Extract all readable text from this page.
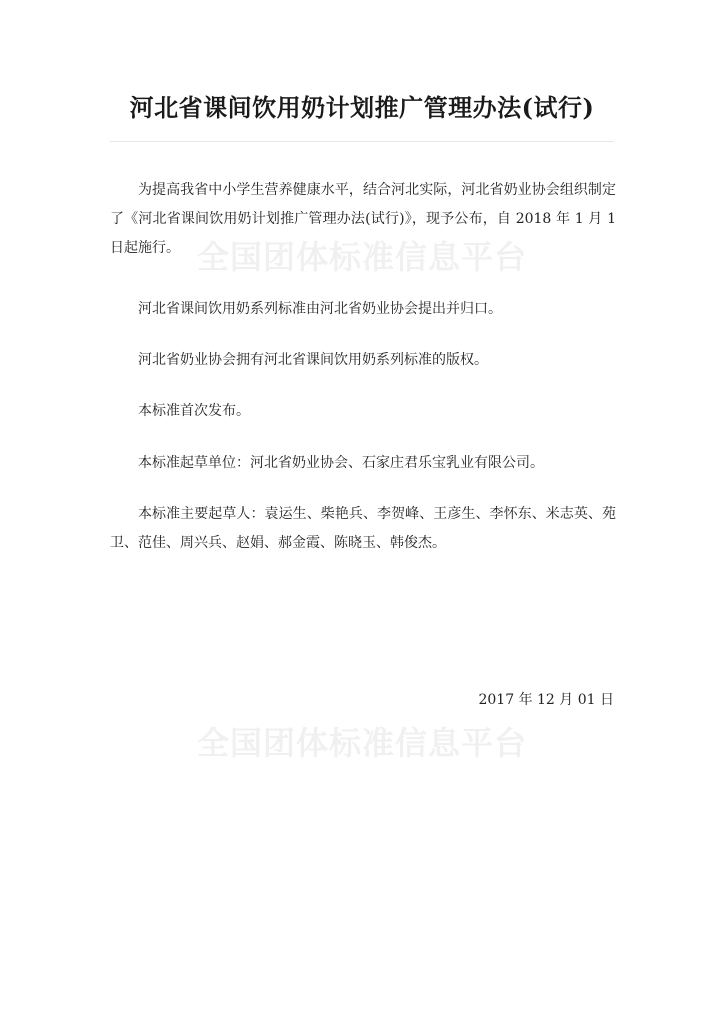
全国团体标准信息平台
全国团体标准信息平台
河北省课间饮用奶计划推广管理办法(试行)

为提高我省中小学生营养健康水平，结合河北实际，河北省奶业协会组织制定了《河北省课间饮用奶计划推广管理办法(试行)》，现予公布，自 2018 年 1 月 1 日起施行。

河北省课间饮用奶系列标准由河北省奶业协会提出并归口。

河北省奶业协会拥有河北省课间饮用奶系列标准的版权。

本标准首次发布。

本标准起草单位：河北省奶业协会、石家庄君乐宝乳业有限公司。

本标准主要起草人：袁运生、柴艳兵、李贺峰、王彦生、李怀东、米志英、苑卫、范佳、周兴兵、赵娟、郝金霞、陈晓玉、韩俊杰。

2017 年 12 月 01 日
